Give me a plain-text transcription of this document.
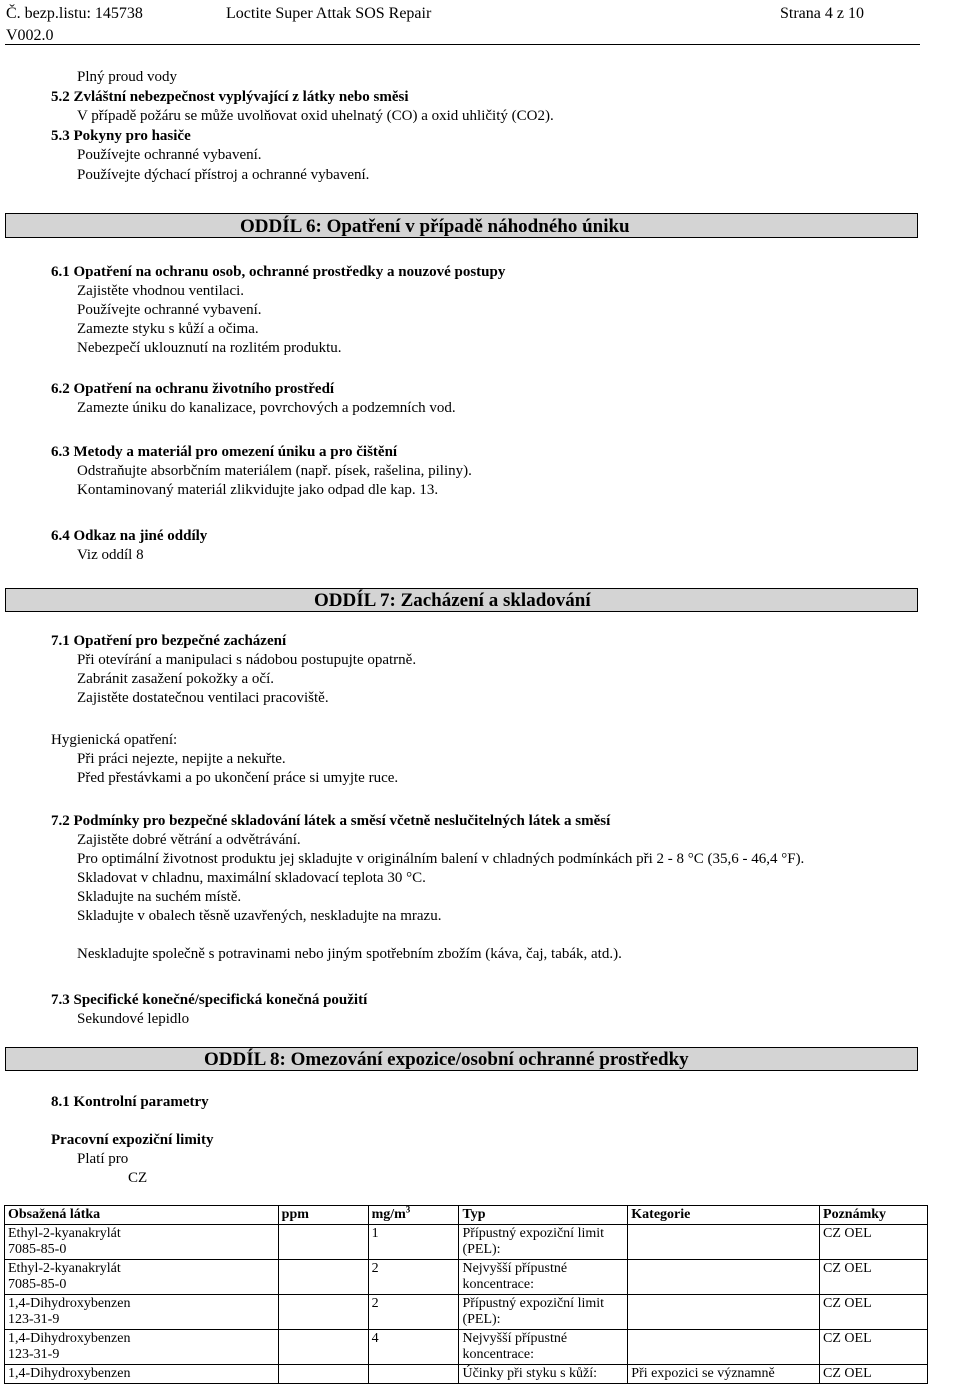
Č. bezp.listu: 145738
V002.0
Loctite Super Attak SOS Repair	Strana 4 z 10
Plný proud vody
5.2 Zvláštní nebezpečnost vyplývající z látky nebo směsi
V případě požáru se může uvolňovat oxid uhelnatý (CO) a oxid uhličitý (CO2).
5.3 Pokyny pro hasiče
Používejte ochranné vybavení.
Používejte dýchací přístroj a ochranné vybavení.
ODDÍL 6: Opatření v případě náhodného úniku
6.1 Opatření na ochranu osob, ochranné prostředky a nouzové postupy
Zajistěte vhodnou ventilaci.
Používejte ochranné vybavení.
Zamezte styku s kůží a očima.
Nebezpečí uklouznutí na rozlitém produktu.
6.2 Opatření na ochranu životního prostředí
Zamezte úniku do kanalizace, povrchových a podzemních vod.
6.3 Metody a materiál pro omezení úniku a pro čištění
Odstraňujte absorbčním materiálem (např. písek, rašelina, piliny).
Kontaminovaný materiál zlikvidujte jako odpad dle kap. 13.
6.4 Odkaz na jiné oddíly
Viz oddíl 8
ODDÍL 7: Zacházení a skladování
7.1 Opatření pro bezpečné zacházení
Při otevírání a manipulaci s nádobou postupujte opatrně.
Zabránit zasažení pokožky a očí.
Zajistěte dostatečnou ventilaci pracoviště.
Hygienická opatření:
Při práci nejezte, nepijte a nekuřte.
Před přestávkami a po ukončení práce si umyjte ruce.
7.2 Podmínky pro bezpečné skladování látek a směsí včetně neslučitelných látek a směsí
Zajistěte dobré větrání a odvětrávání.
Pro optimální životnost produktu jej skladujte v originálním balení v chladných podmínkách při 2 - 8 °C (35,6 - 46,4 °F).
Skladovat v chladnu, maximální skladovací teplota 30 °C.
Skladujte na suchém místě.
Skladujte v obalech těsně uzavřených, neskladujte na mrazu.
Neskladujte společně s potravinami nebo jiným spotřebním zbožím (káva, čaj, tabák, atd.).
7.3 Specifické konečné/specifická konečná použití
Sekundové lepidlo
ODDÍL 8: Omezování expozice/osobní ochranné prostředky
8.1 Kontrolní parametry
Pracovní expoziční limity
Platí pro
CZ
Obsažená látka	ppm	$mg/m^3$	Typ	Kategorie	Poznámky

Ethyl-2-kyanakrylát
7085-85-0		1	Přípustný expoziční limit (PEL):		CZ OEL

Ethyl-2-kyanakrylát
7085-85-0		2	Nejvyšší přípustné koncentrace:		CZ OEL

1,4-Dihydroxybenzen
123-31-9		2	Přípustný expoziční limit (PEL):		CZ OEL

1,4-Dihydroxybenzen
123-31-9		4	Nejvyšší přípustné koncentrace:		CZ OEL

1,4-Dihydroxybenzen			Účinky při styku s kůží:	Při expozici se významně	CZ OEL
